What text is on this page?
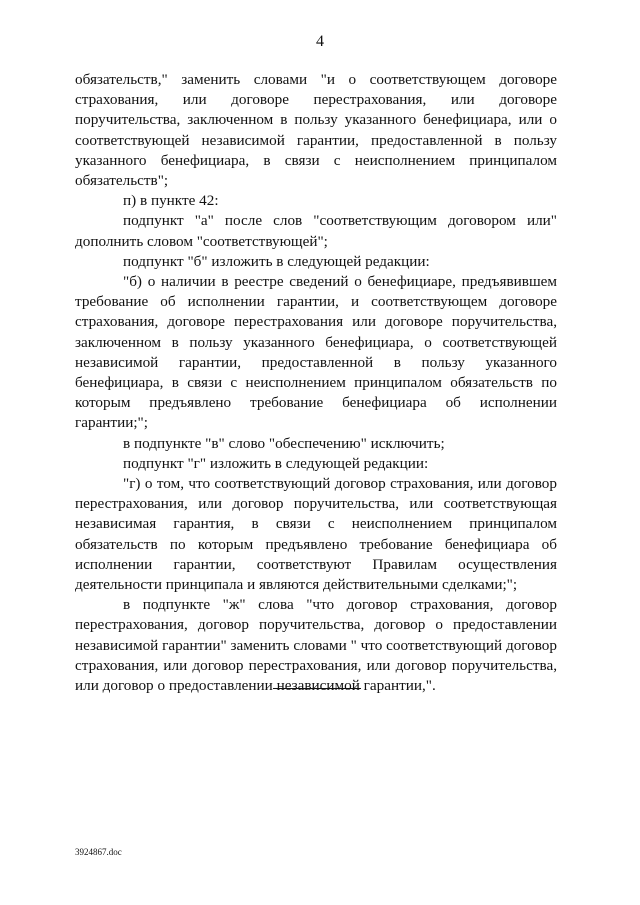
4

обязательств," заменить словами "и о соответствующем договоре страхования, или договоре перестрахования, или договоре поручительства, заключенном в пользу указанного бенефициара, или о соответствующей независимой гарантии, предоставленной в пользу указанного бенефициара, в связи с неисполнением принципалом обязательств";

п) в пункте 42:

подпункт "а" после слов "соответствующим договором или" дополнить словом "соответствующей";

подпункт "б" изложить в следующей редакции:

"б) о наличии в реестре сведений о бенефициаре, предъявившем требование об исполнении гарантии, и соответствующем договоре страхования, договоре перестрахования или договоре поручительства, заключенном в пользу указанного бенефициара, о соответствующей независимой гарантии, предоставленной в пользу указанного бенефициара, в связи с неисполнением принципалом обязательств по которым предъявлено требование бенефициара об исполнении гарантии;";

в подпункте "в" слово "обеспечению" исключить;

подпункт "г" изложить в следующей редакции:

"г) о том, что соответствующий договор страхования, или договор перестрахования, или договор поручительства, или соответствующая независимая гарантия, в связи с неисполнением принципалом обязательств по которым предъявлено требование бенефициара об исполнении гарантии, соответствуют Правилам осуществления деятельности принципала и являются действительными сделками;";

в подпункте "ж" слова "что договор страхования, договор перестрахования, договор поручительства, договор о предоставлении независимой гарантии" заменить словами " что соответствующий договор страхования, или договор перестрахования, или договор поручительства, или договор о предоставлении независимой гарантии,".

3924867.doc
